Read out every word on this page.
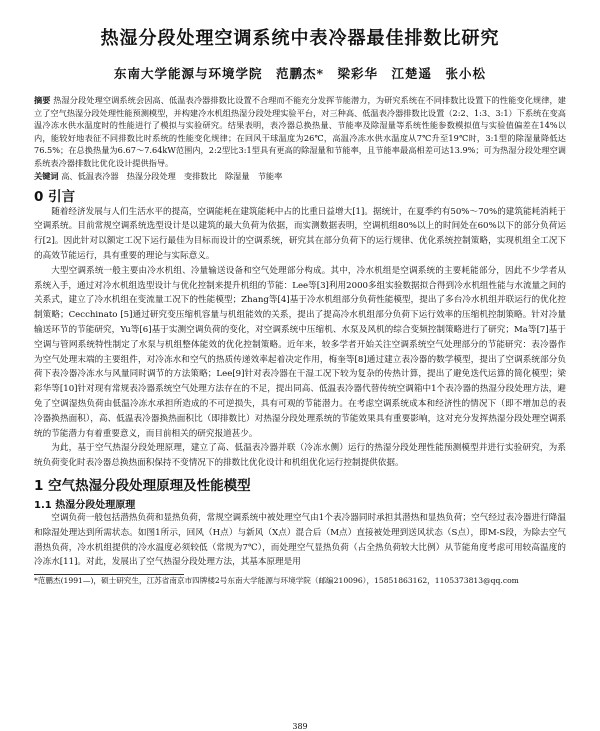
热湿分段处理空调系统中表冷器最佳排数比研究
东南大学能源与环境学院　范鹏杰*　梁彩华　江楚遥　张小松
摘要 热湿分段处理空调系统会因高、低温表冷器排数比设置不合理而不能充分发挥节能潜力，为研究系统在不同排数比设置下的性能变化规律，建立了空气热湿分段处理性能预测模型，并构建冷水机组热湿分段处理实验平台，对三种高、低温表冷器排数比设置（2:2、1:3、3:1）下系统在变高温冷冻水供水温度时的性能进行了模拟与实验研究。结果表明，表冷器总换热量、节能率及除湿量等系统性能参数模拟值与实验值偏差在14%以内，能较好地表征不同排数比时系统的性能变化规律；在回风干球温度为26℃，高温冷冻水供水温度从7℃升至19℃时，3:1型的除湿量降低达76.5%；在总换热量为6.67～7.64kW范围内，2:2型比3:1型具有更高的除湿量和节能率，且节能率最高相差可达13.9%；可为热湿分段处理空调系统表冷器排数比优化设计提供指导。
关键词 高、低温表冷器　热湿分段处理　变排数比　除湿量　节能率
0 引言

随着经济发展与人们生活水平的提高，空调能耗在建筑能耗中占的比重日益增大[1]。据统计，在夏季约有50%～70%的建筑能耗消耗于空调系统。目前常规空调系统选型设计是以建筑的最大负荷为依据，而实测数据表明，空调机组80%以上的时间处在60%以下的部分负荷运行[2]。因此针对以额定工况下运行最佳为目标而设计的空调系统，研究其在部分负荷下的运行规律、优化系统控制策略，实现机组全工况下的高效节能运行，具有重要的理论与实际意义。

大型空调系统一般主要由冷水机组、冷量输送设备和空气处理部分构成。其中，冷水机组是空调系统的主要耗能部分，因此不少学者从系统入手，通过对冷水机组选型设计与优化控制来提升机组的节能：Lee等[3]利用2000多组实验数据拟合得到冷水机组性能与水流量之间的关系式，建立了冷水机组在变流量工况下的性能模型；Zhang等[4]基于冷水机组部分负荷性能模型，提出了多台冷水机组并联运行的优化控制策略；Cecchinato [5]通过研究变压缩机容量与机组能效的关系，提出了提高冷水机组部分负荷下运行效率的压缩机控制策略。针对冷量输送环节的节能研究，Yu等[6]基于实测空调负荷的变化，对空调系统中压缩机、水泵及风机的综合变频控制策略进行了研究；Ma等[7]基于空调与管网系统特性制定了水泵与机组整体能效的优化控制策略。近年来，较多学者开始关注空调系统空气处理部分的节能研究：表冷器作为空气处理末端的主要组件，对冷冻水和空气的热质传递效率起着决定作用，梅奎等[8]通过建立表冷器的数学模型，提出了空调系统部分负荷下表冷器冷冻水与风量同时调节的方法策略；Lee[9]针对表冷器在干湿工况下较为复杂的传热计算，提出了避免迭代运算的简化模型；梁彩华等[10]针对现有常规表冷器系统空气处理方法存在的不足，提出同高、低温表冷器代替传统空调箱中1个表冷器的热湿分段处理方法，避免了空调湿热负荷由低温冷冻水承担所造成的不可逆损失，具有可观的节能潜力。在考虑空调系统成本和经济性的情况下（即不增加总的表冷器换热面积），高、低温表冷器换热面积比（即排数比）对热湿分段处理系统的节能效果具有重要影响，这对充分发挥热湿分段处理空调系统的节能潜力有着重要意义，而目前相关的研究报道甚少。

为此，基于空气热湿分段处理原理，建立了高、低温表冷器并联（冷冻水侧）运行的热湿分段处理性能预测模型并进行实验研究，为系统负荷变化时表冷器总换热面积保持不变情况下的排数比优化设计和机组优化运行控制提供依据。

1 空气热湿分段处理原理及性能模型
1.1 热湿分段处理原理

空调负荷一般包括潜热负荷和显热负荷，常规空调系统中被处理空气由1个表冷器同时承担其潜热和显热负荷；空气经过表冷器进行降温和除湿处理达到所需状态。如图1所示，回风（H点）与新风（X点）混合后（M点）直接被处理到送风状态（S点），即M-S段，为除去空气潜热负荷，冷水机组提供的冷水温度必须较低（常规为7℃），而处理空气显热负荷（占全热负荷较大比例）从节能角度考虑可用较高温度的冷冻水[11]。对此，发展出了空气热湿分段处理方法，其基本原理是用

*范鹏杰(1991—)，硕士研究生，江苏省南京市四牌楼2号东南大学能源与环境学院（邮编210096），15851863162，1105373813@qq.com
389
